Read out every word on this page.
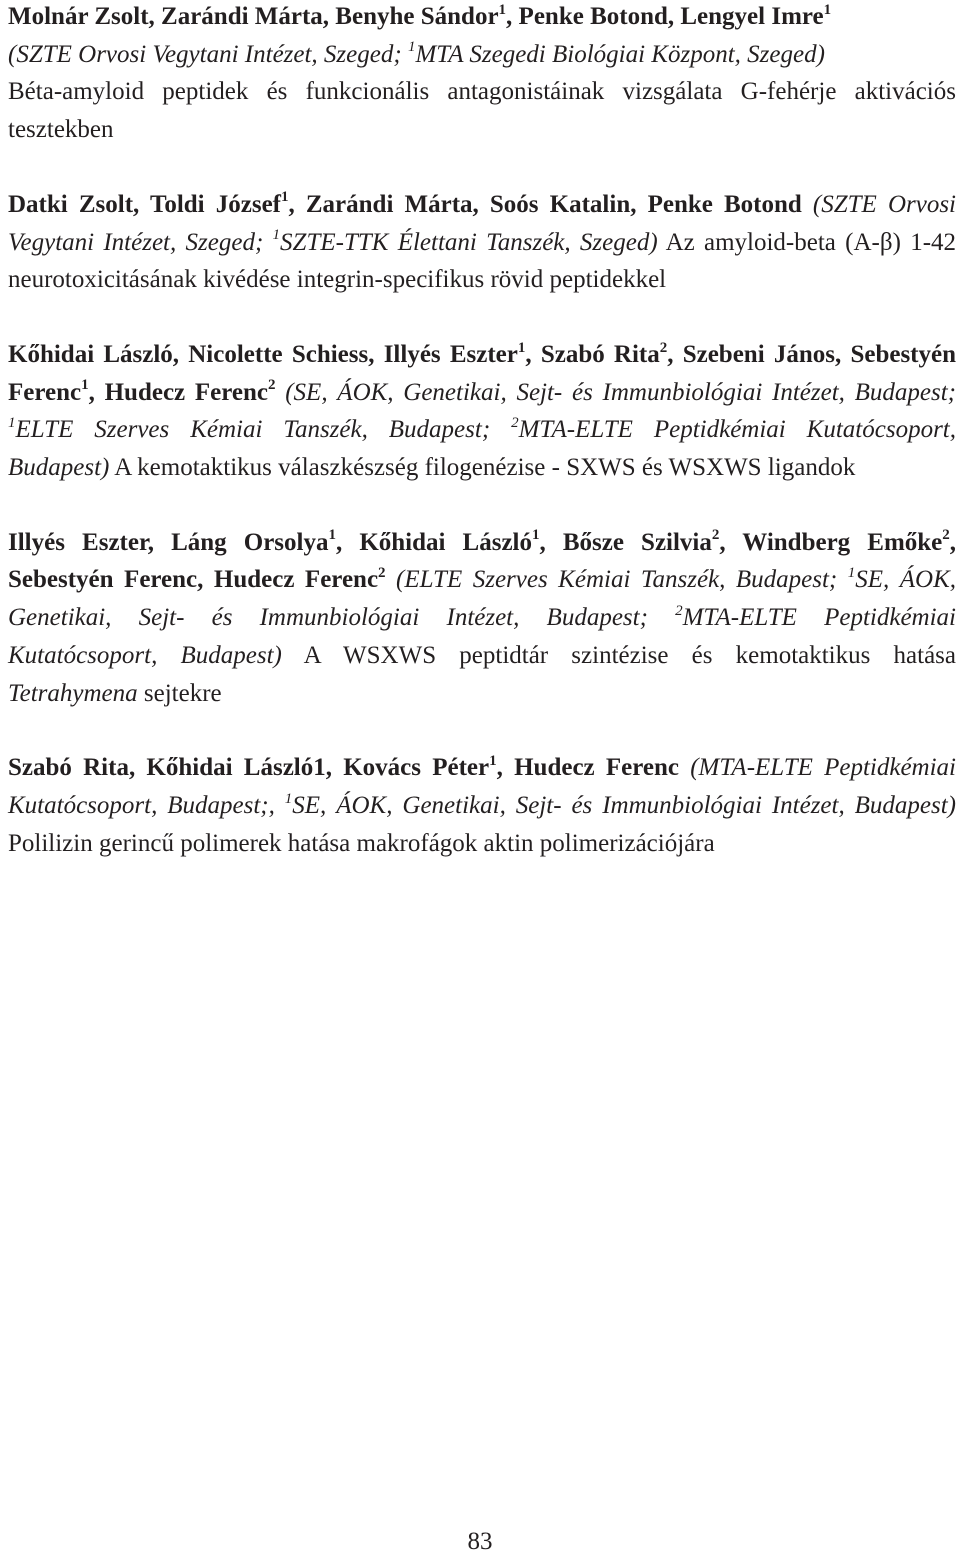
Molnár Zsolt, Zarándi Márta, Benyhe Sándor$^1$, Penke Botond, Lengyel Imre$^1$
(SZTE Orvosi Vegytani Intézet, Szeged; $^1$MTA Szegedi Biológiai Központ, Szeged)
Béta-amyloid peptidek és funkcionális antagonistáinak vizsgálata G-fehérje aktivációs tesztekben

Datki Zsolt, Toldi József$^1$, Zarándi Márta, Soós Katalin, Penke Botond (SZTE Orvosi Vegytani Intézet, Szeged; $^1$SZTE-TTK Élettani Tanszék, Szeged) Az amyloid-beta (A-β) 1-42 neurotoxicitásának kivédése integrin-specifikus rövid peptidekkel

Kőhidai László, Nicolette Schiess, Illyés Eszter$^1$, Szabó Rita$^2$, Szebeni János, Sebestyén Ferenc$^1$, Hudecz Ferenc$^2$ (SE, ÁOK, Genetikai, Sejt- és Immunbiológiai Intézet, Budapest; $^1$ELTE Szerves Kémiai Tanszék, Budapest; $^2$MTA-ELTE Peptidkémiai Kutatócsoport, Budapest) A kemotaktikus válaszkészség filogenézise - SXWS és WSXWS ligandok

Illyés Eszter, Láng Orsolya$^1$, Kőhidai László$^1$, Bősze Szilvia$^2$, Windberg Emőke$^2$, Sebestyén Ferenc, Hudecz Ferenc$^2$ (ELTE Szerves Kémiai Tanszék, Budapest; $^1$SE, ÁOK, Genetikai, Sejt- és Immunbiológiai Intézet, Budapest; $^2$MTA-ELTE Peptidkémiai Kutatócsoport, Budapest) A WSXWS peptidtár szintézise és kemotaktikus hatása Tetrahymena sejtekre

Szabó Rita, Kőhidai László1, Kovács Péter$^1$, Hudecz Ferenc (MTA-ELTE Peptidkémiai Kutatócsoport, Budapest;, $^1$SE, ÁOK, Genetikai, Sejt- és Immunbiológiai Intézet, Budapest) Polilizin gerincű polimerek hatása makrofágok aktin polimerizációjára

83
